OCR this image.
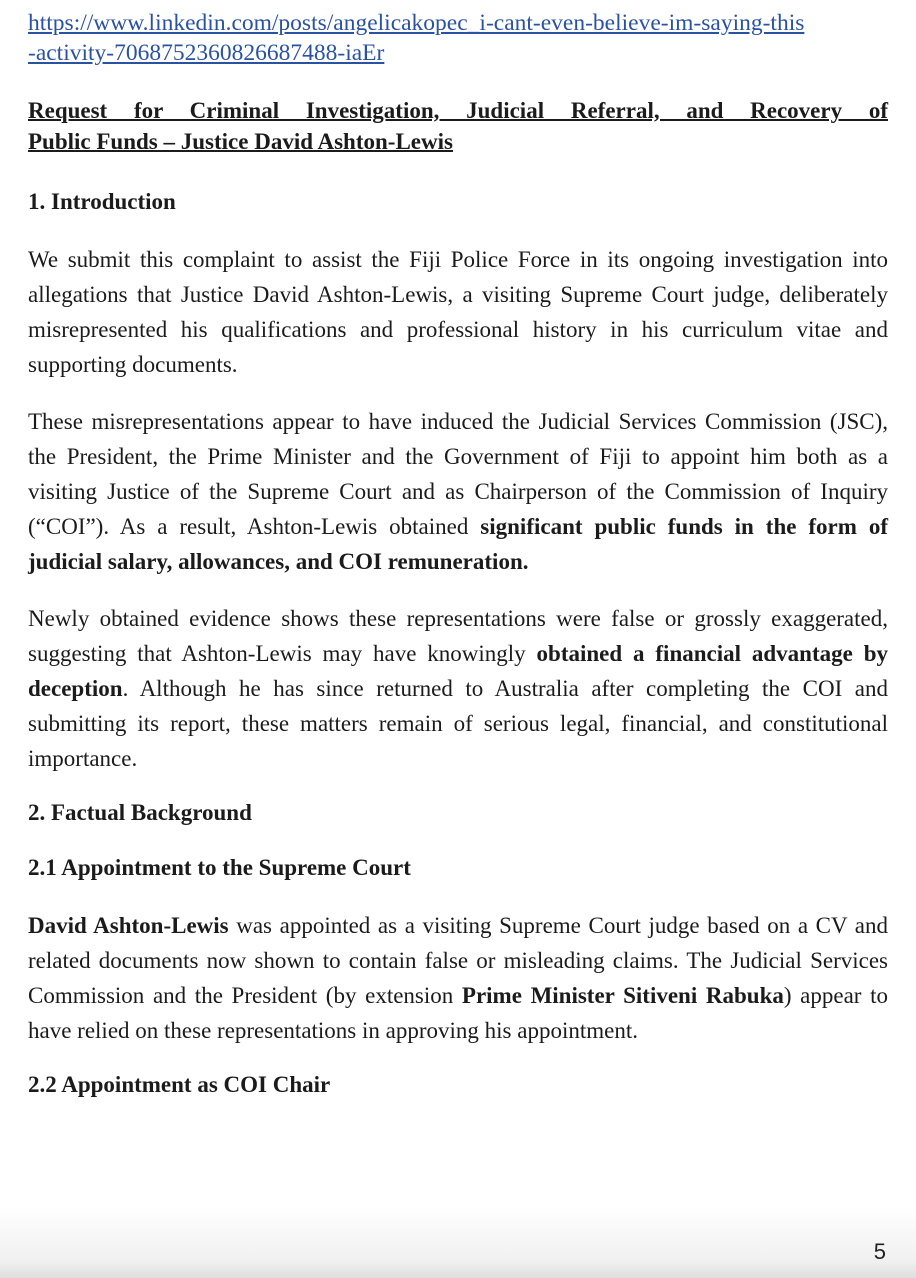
https://www.linkedin.com/posts/angelicakopec_i-cant-even-believe-im-saying-this
-activity-7068752360826687488-iaEr
Request for Criminal Investigation, Judicial Referral, and Recovery of
Public Funds – Justice David Ashton-Lewis
1. Introduction

We submit this complaint to assist the Fiji Police Force in its ongoing investigation into allegations that Justice David Ashton-Lewis, a visiting Supreme Court judge, deliberately misrepresented his qualifications and professional history in his curriculum vitae and supporting documents.

These misrepresentations appear to have induced the Judicial Services Commission (JSC), the President, the Prime Minister and the Government of Fiji to appoint him both as a visiting Justice of the Supreme Court and as Chairperson of the Commission of Inquiry (“COI”). As a result, Ashton-Lewis obtained significant public funds in the form of judicial salary, allowances, and COI remuneration.

Newly obtained evidence shows these representations were false or grossly exaggerated, suggesting that Ashton-Lewis may have knowingly obtained a financial advantage by deception. Although he has since returned to Australia after completing the COI and submitting its report, these matters remain of serious legal, financial, and constitutional importance.

2. Factual Background
2.1 Appointment to the Supreme Court

David Ashton-Lewis was appointed as a visiting Supreme Court judge based on a CV and related documents now shown to contain false or misleading claims. The Judicial Services Commission and the President (by extension Prime Minister Sitiveni Rabuka) appear to have relied on these representations in approving his appointment.

2.2 Appointment as COI Chair
5
